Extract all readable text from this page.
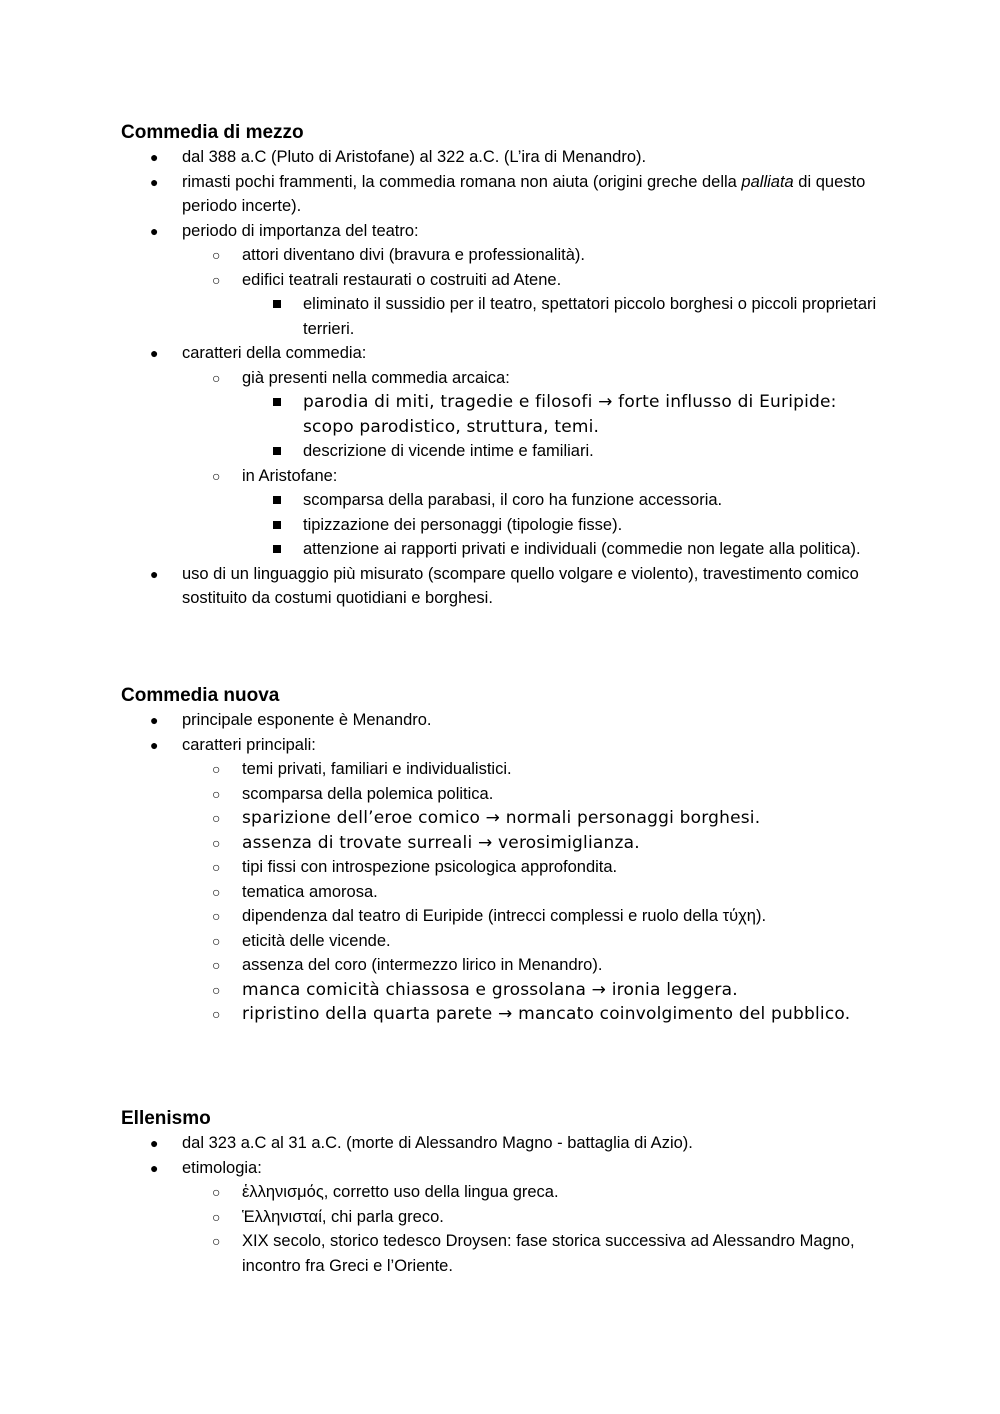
Commedia di mezzo
● dal 388 a.C (Pluto di Aristofane) al 322 a.C. (L’ira di Menandro).
● rimasti pochi frammenti, la commedia romana non aiuta (origini greche della palliata di questo periodo incerte).
● periodo di importanza del teatro:
○ attori diventano divi (bravura e professionalità).
○ edifici teatrali restaurati o costruiti ad Atene.
eliminato il sussidio per il teatro, spettatori piccolo borghesi o piccoli proprietari terrieri.
● caratteri della commedia:
○ già presenti nella commedia arcaica:
parodia di miti, tragedie e filosofi → forte influsso di Euripide: scopo parodistico, struttura, temi.
descrizione di vicende intime e familiari.
○ in Aristofane:
scomparsa della parabasi, il coro ha funzione accessoria.
tipizzazione dei personaggi (tipologie fisse).
attenzione ai rapporti privati e individuali (commedie non legate alla politica).
● uso di un linguaggio più misurato (scompare quello volgare e violento), travestimento comico sostituito da costumi quotidiani e borghesi.
Commedia nuova
● principale esponente è Menandro.
● caratteri principali:
○ temi privati, familiari e individualistici.
○ scomparsa della polemica politica.
○ sparizione dell’eroe comico → normali personaggi borghesi.
○ assenza di trovate surreali → verosimiglianza.
○ tipi fissi con introspezione psicologica approfondita.
○ tematica amorosa.
○ dipendenza dal teatro di Euripide (intrecci complessi e ruolo della τύχη).
○ eticità delle vicende.
○ assenza del coro (intermezzo lirico in Menandro).
○ manca comicità chiassosa e grossolana → ironia leggera.
○ ripristino della quarta parete → mancato coinvolgimento del pubblico.
Ellenismo
● dal 323 a.C al 31 a.C. (morte di Alessandro Magno - battaglia di Azio).
● etimologia:
○ ἑλληνισμός, corretto uso della lingua greca.
○ Ἑλληνισταί, chi parla greco.
○ XIX secolo, storico tedesco Droysen: fase storica successiva ad Alessandro Magno, incontro fra Greci e l’Oriente.
